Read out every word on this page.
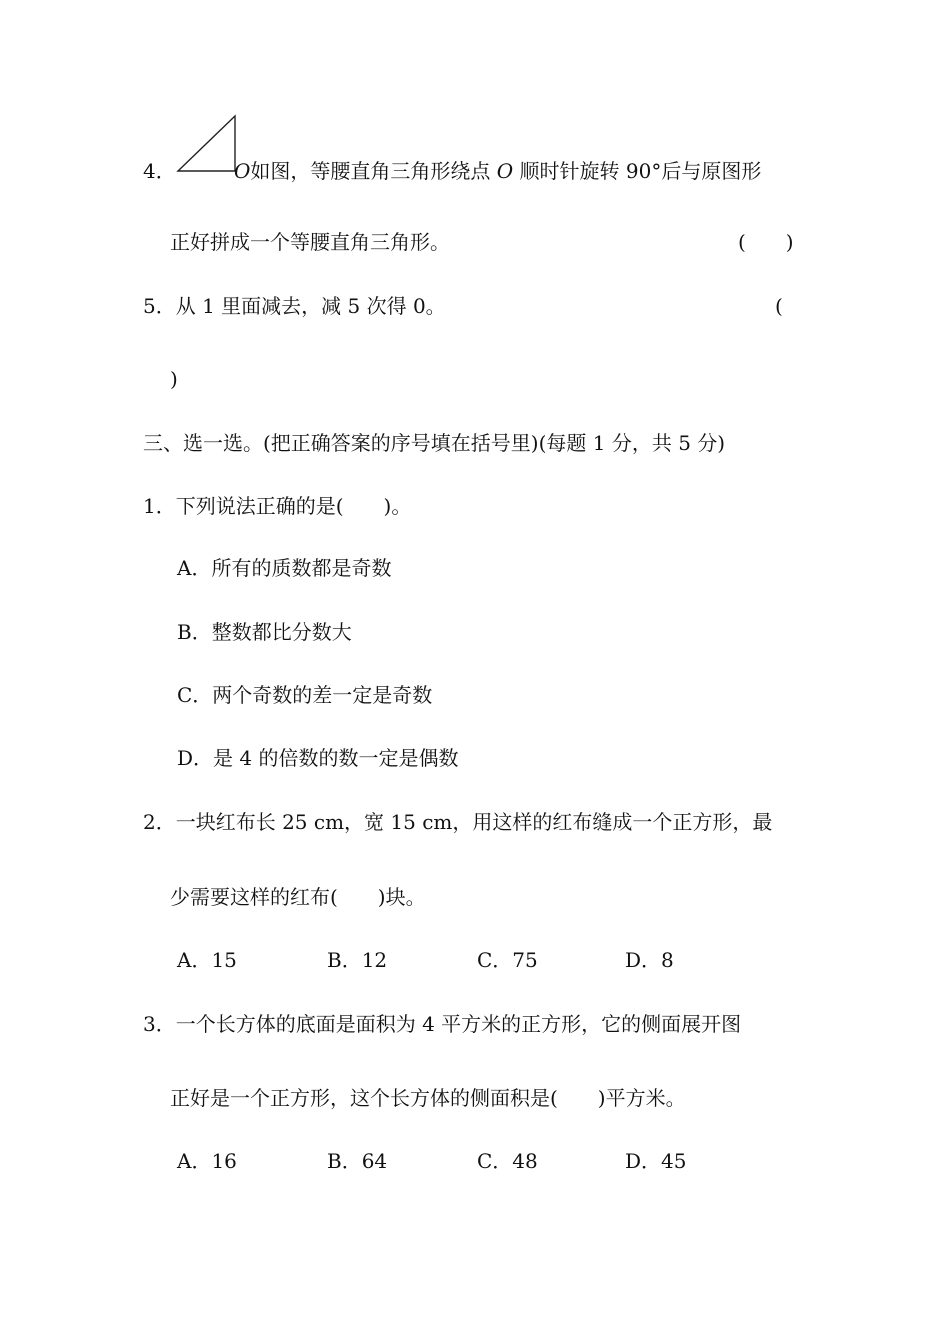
4．	O如图，等腰直角三角形绕点 O 顺时针旋转 90°后与原图形
正好拼成一个等腰直角三角形。	(　　)
5．从 1 里面减去，减 5 次得 0。	(
)
三、选一选。(把正确答案的序号填在括号里)(每题 1 分，共 5 分)
1．下列说法正确的是(　　)。
A．所有的质数都是奇数
B．整数都比分数大
C．两个奇数的差一定是奇数
D．是 4 的倍数的数一定是偶数
2．一块红布长 25 cm，宽 15 cm，用这样的红布缝成一个正方形，最
少需要这样的红布(　　)块。
A．15	B．12	C．75	D．8
3．一个长方体的底面是面积为 4 平方米的正方形，它的侧面展开图
正好是一个正方形，这个长方体的侧面积是(　　)平方米。
A．16	B．64	C．48	D．45
